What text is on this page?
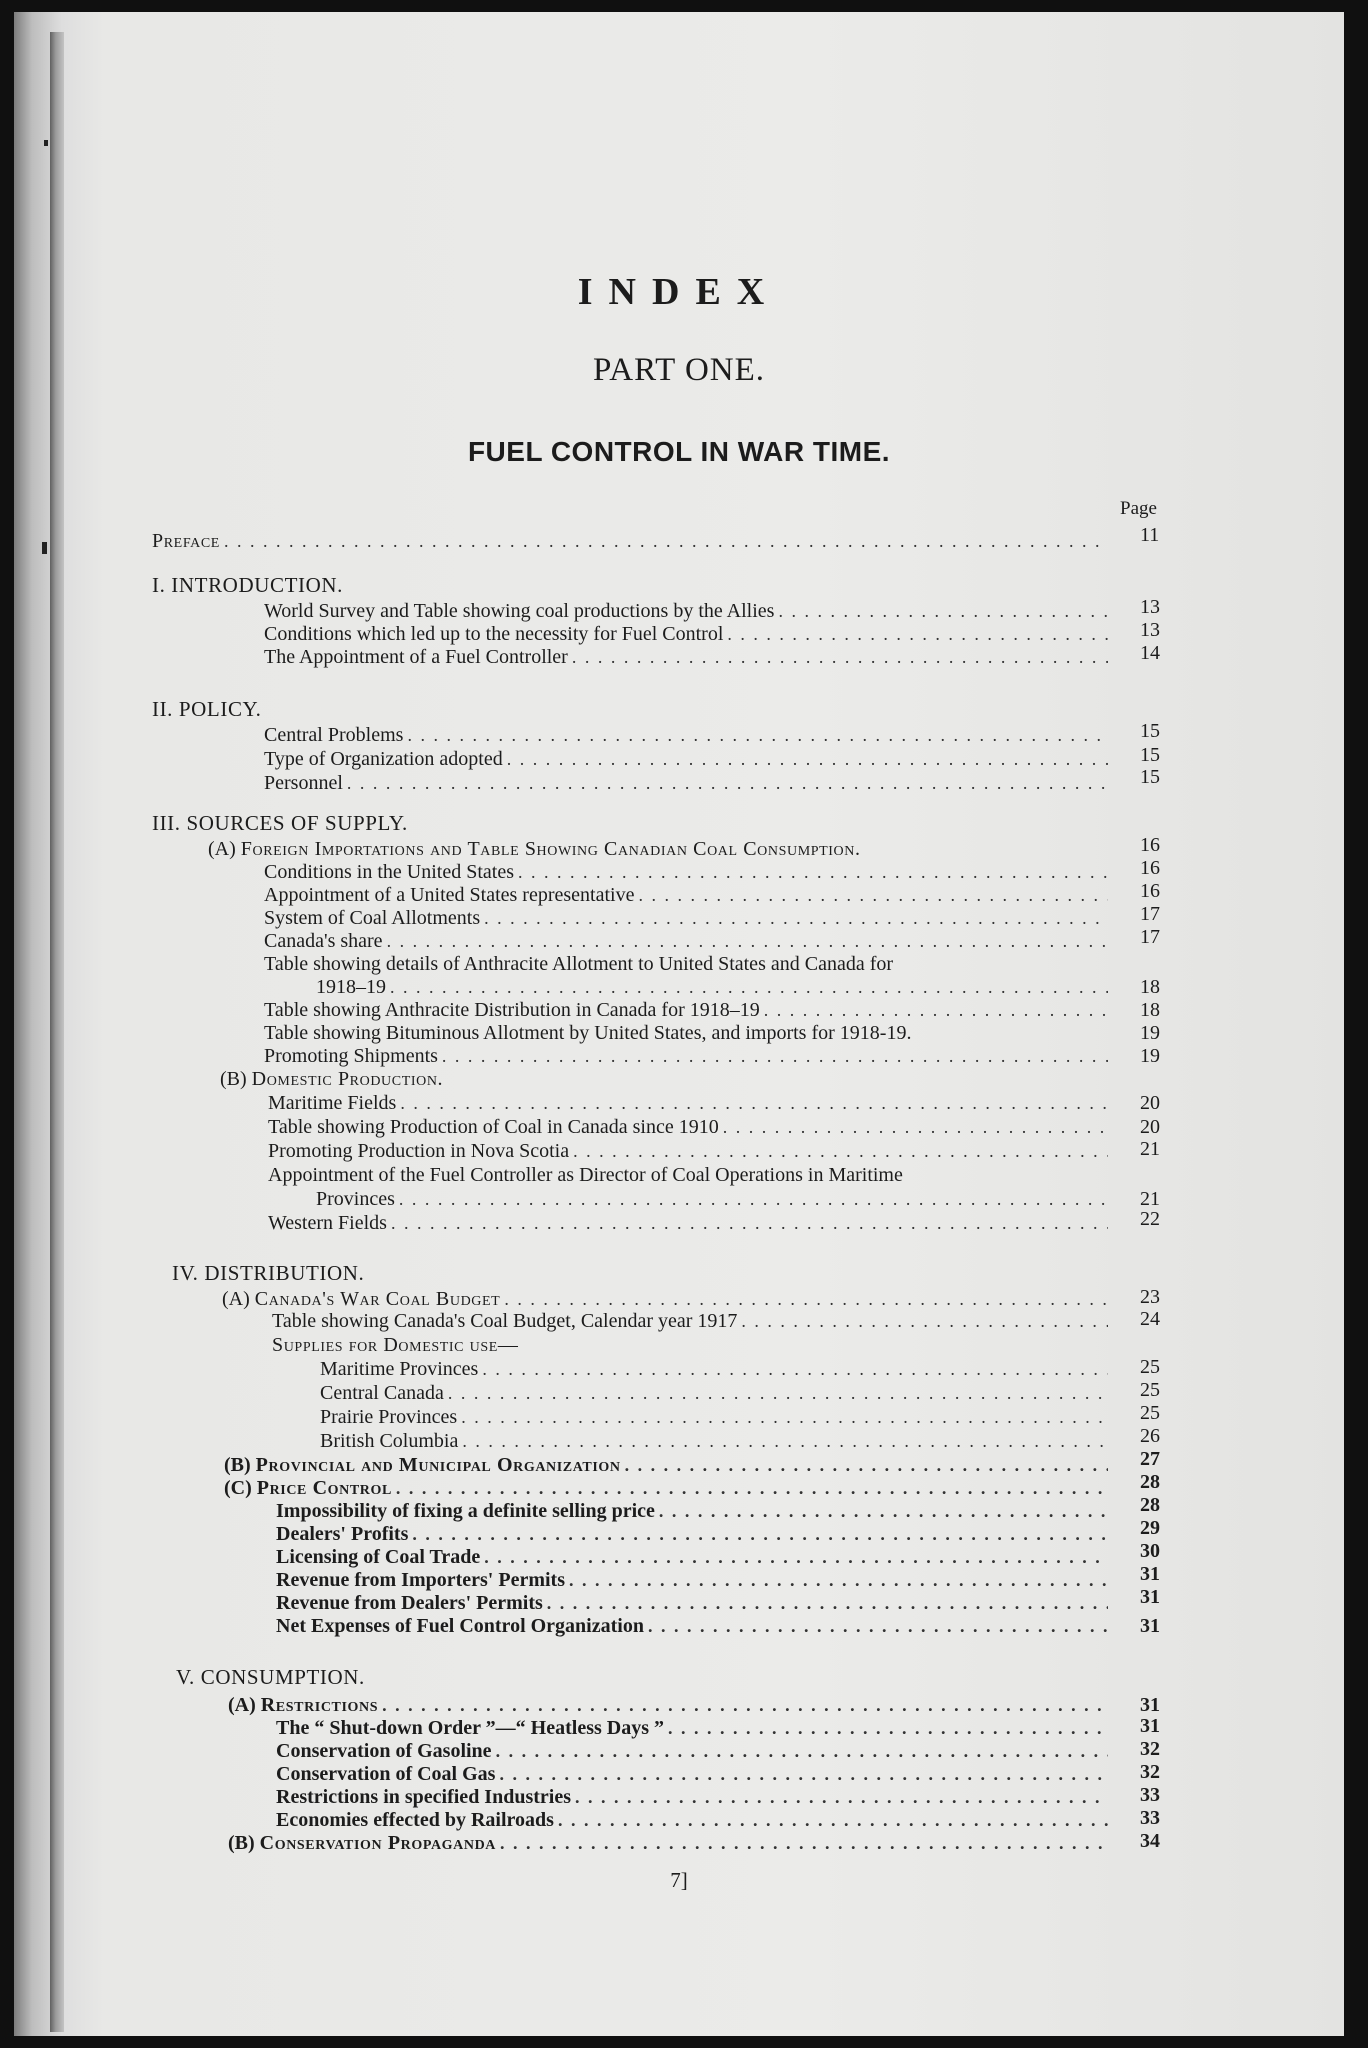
INDEX
PART ONE.
FUEL CONTROL IN WAR TIME.
Page
Preface . . .	11
I. INTRODUCTION.
World Survey and Table showing coal productions by the Allies . . .	13
Conditions which led up to the necessity for Fuel Control . . .	13
The Appointment of a Fuel Controller . . .	14
II. POLICY.
Central Problems . . .	15
Type of Organization adopted . . .	15
Personnel . . .	15
III. SOURCES OF SUPPLY.
(A)
Foreign Importations and Table Showing Canadian Coal Consumption.	16
Conditions in the United States . . .	16
Appointment of a United States representative . . .	16
System of Coal Allotments . . .	17
Canada's share . . .	17
Table showing details of Anthracite Allotment to United States and Canada for
1918–19 . . .	18
Table showing Anthracite Distribution in Canada for 1918–19 . . .	18
Table showing Bituminous Allotment by United States, and imports for 1918-19.	19
Promoting Shipments . . .	19
(B)
Domestic Production.
Maritime Fields . . .	20
Table showing Production of Coal in Canada since 1910 . . .	20
Promoting Production in Nova Scotia . . .	21
Appointment of the Fuel Controller as Director of Coal Operations in Maritime
Provinces . . .	21
Western Fields . . .	22
IV. DISTRIBUTION.
(A)
Canada's War Coal Budget . . .	23
Table showing Canada's Coal Budget, Calendar year 1917 . . .	24
Supplies for Domestic use—
Maritime Provinces . . .	25
Central Canada . . .	25
Prairie Provinces . . .	25
British Columbia . . .	26
(B)
Provincial and Municipal Organization . . .	27
(C)
Price Control . . .	28
Impossibility of fixing a definite selling price . . .	28
Dealers' Profits . . .	29
Licensing of Coal Trade . . .	30
Revenue from Importers' Permits . . .	31
Revenue from Dealers' Permits . . .	31
Net Expenses of Fuel Control Organization . . .	31
V. CONSUMPTION.
(A)
Restrictions . . .	31
The “ Shut-down Order ”—“ Heatless Days ” . . .	31
Conservation of Gasoline . . .	32
Conservation of Coal Gas . . .	32
Restrictions in specified Industries . . .	33
Economies effected by Railroads . . .	33
(B)
Conservation Propaganda . . .	34
7]
